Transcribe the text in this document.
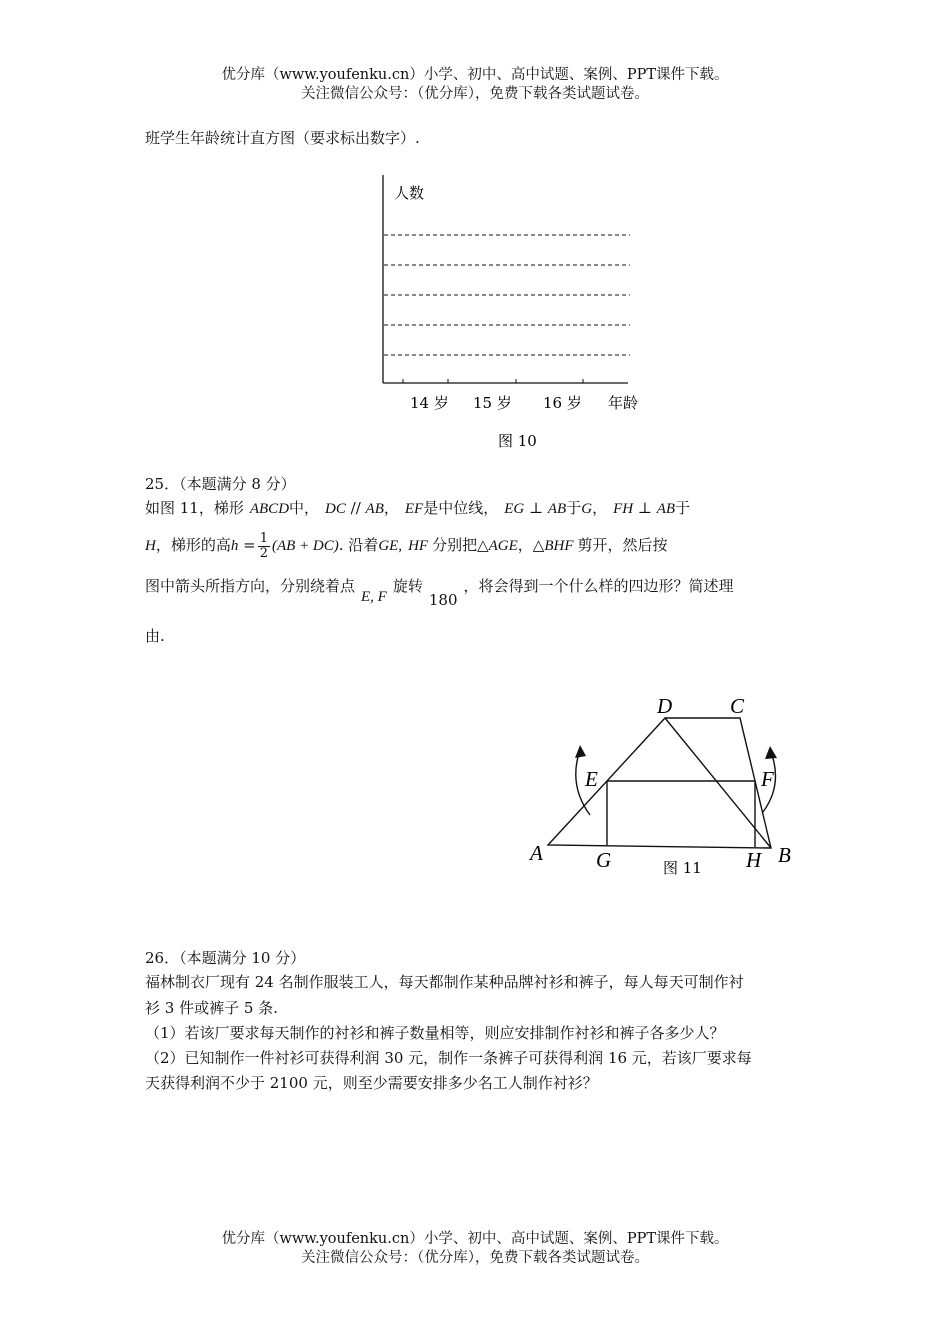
优分库（www.youfenku.cn）小学、初中、高中试题、案例、PPT课件下载。
关注微信公众号：（优分库），免费下载各类试题试卷。
班学生年龄统计直方图（要求标出数字）.
人数
14 岁 15 岁 16 岁 年龄
图 10
25．（本题满分 8 分）
如图 11，梯形 ABCD中， DC // AB， EF是中位线， EG ⊥ AB于G， FH ⊥ AB于
H，梯形的高$h = \frac{1}{2} (AB + DC)$. 沿着GE, HF 分别把△AGE，△BHF 剪开，然后按
图中箭头所指方向，分别绕着点E, F旋转180，将会得到一个什么样的四边形？简述理
由.
D	C
E	F
A	G	H B
图 11
26．（本题满分 10 分）
福林制衣厂现有 24 名制作服装工人，每天都制作某种品牌衬衫和裤子，每人每天可制作衬
衫 3 件或裤子 5 条.
（1）若该厂要求每天制作的衬衫和裤子数量相等，则应安排制作衬衫和裤子各多少人？
（2）已知制作一件衬衫可获得利润 30 元，制作一条裤子可获得利润 16 元，若该厂要求每
天获得利润不少于 2100 元，则至少需要安排多少名工人制作衬衫？
优分库（www.youfenku.cn）小学、初中、高中试题、案例、PPT课件下载。
关注微信公众号：（优分库），免费下载各类试题试卷。
